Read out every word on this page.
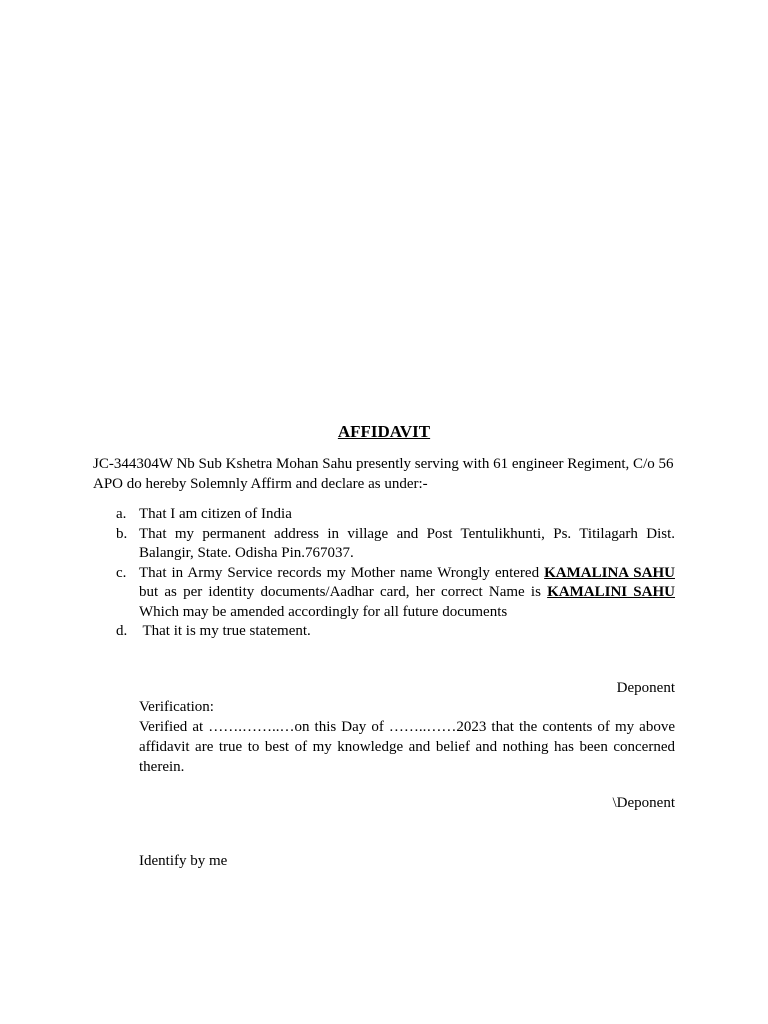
AFFIDAVIT

JC-344304W Nb Sub Kshetra Mohan Sahu presently serving with 61 engineer Regiment, C/o 56 APO do hereby Solemnly Affirm and declare as under:-

a. That I am citizen of India
b. That my permanent address in village and Post Tentulikhunti, Ps. Titilagarh Dist. Balangir, State. Odisha Pin.767037.
c. That in Army Service records my Mother name Wrongly entered KAMALINA SAHU but as per identity documents/Aadhar card, her correct Name is KAMALINI SAHU Which may be amended accordingly for all future documents
d. That it is my true statement.
Deponent
Verification:

Verified at …….……..…on this Day of ……..……2023 that the contents of my above affidavit are true to best of my knowledge and belief and nothing has been concerned therein.

\Deponent
Identify by me
